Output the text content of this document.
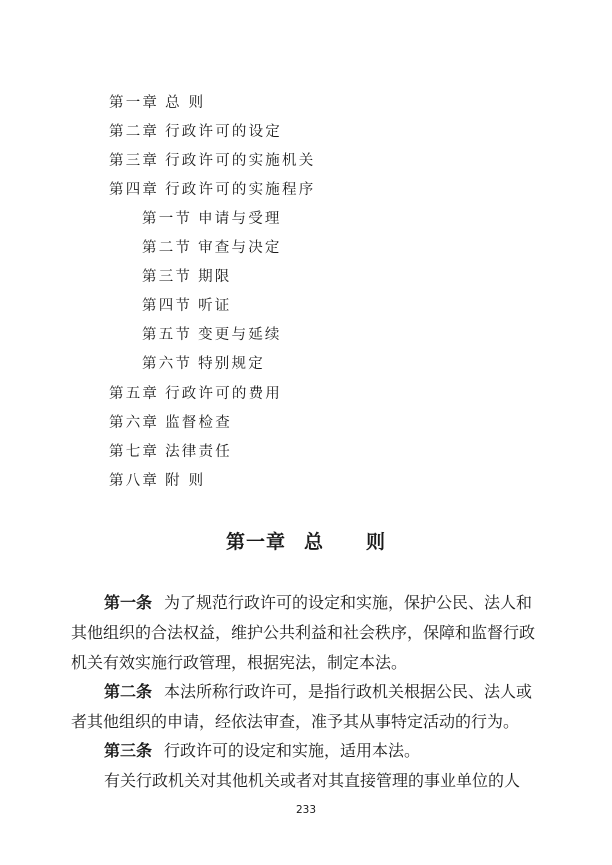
第一章 总 则
第二章 行政许可的设定
第三章 行政许可的实施机关
第四章 行政许可的实施程序
第一节 申请与受理
第二节 审查与决定
第三节 期限
第四节 听证
第五节 变更与延续
第六节 特别规定
第五章 行政许可的费用
第六章 监督检查
第七章 法律责任
第八章 附 则
第一章 总 则
第一条 为了规范行政许可的设定和实施，保护公民、法人和
其他组织的合法权益，维护公共利益和社会秩序，保障和监督行政
机关有效实施行政管理，根据宪法，制定本法。
第二条 本法所称行政许可，是指行政机关根据公民、法人或
者其他组织的申请，经依法审查，准予其从事特定活动的行为。
第三条 行政许可的设定和实施，适用本法。
有关行政机关对其他机关或者对其直接管理的事业单位的人
233
